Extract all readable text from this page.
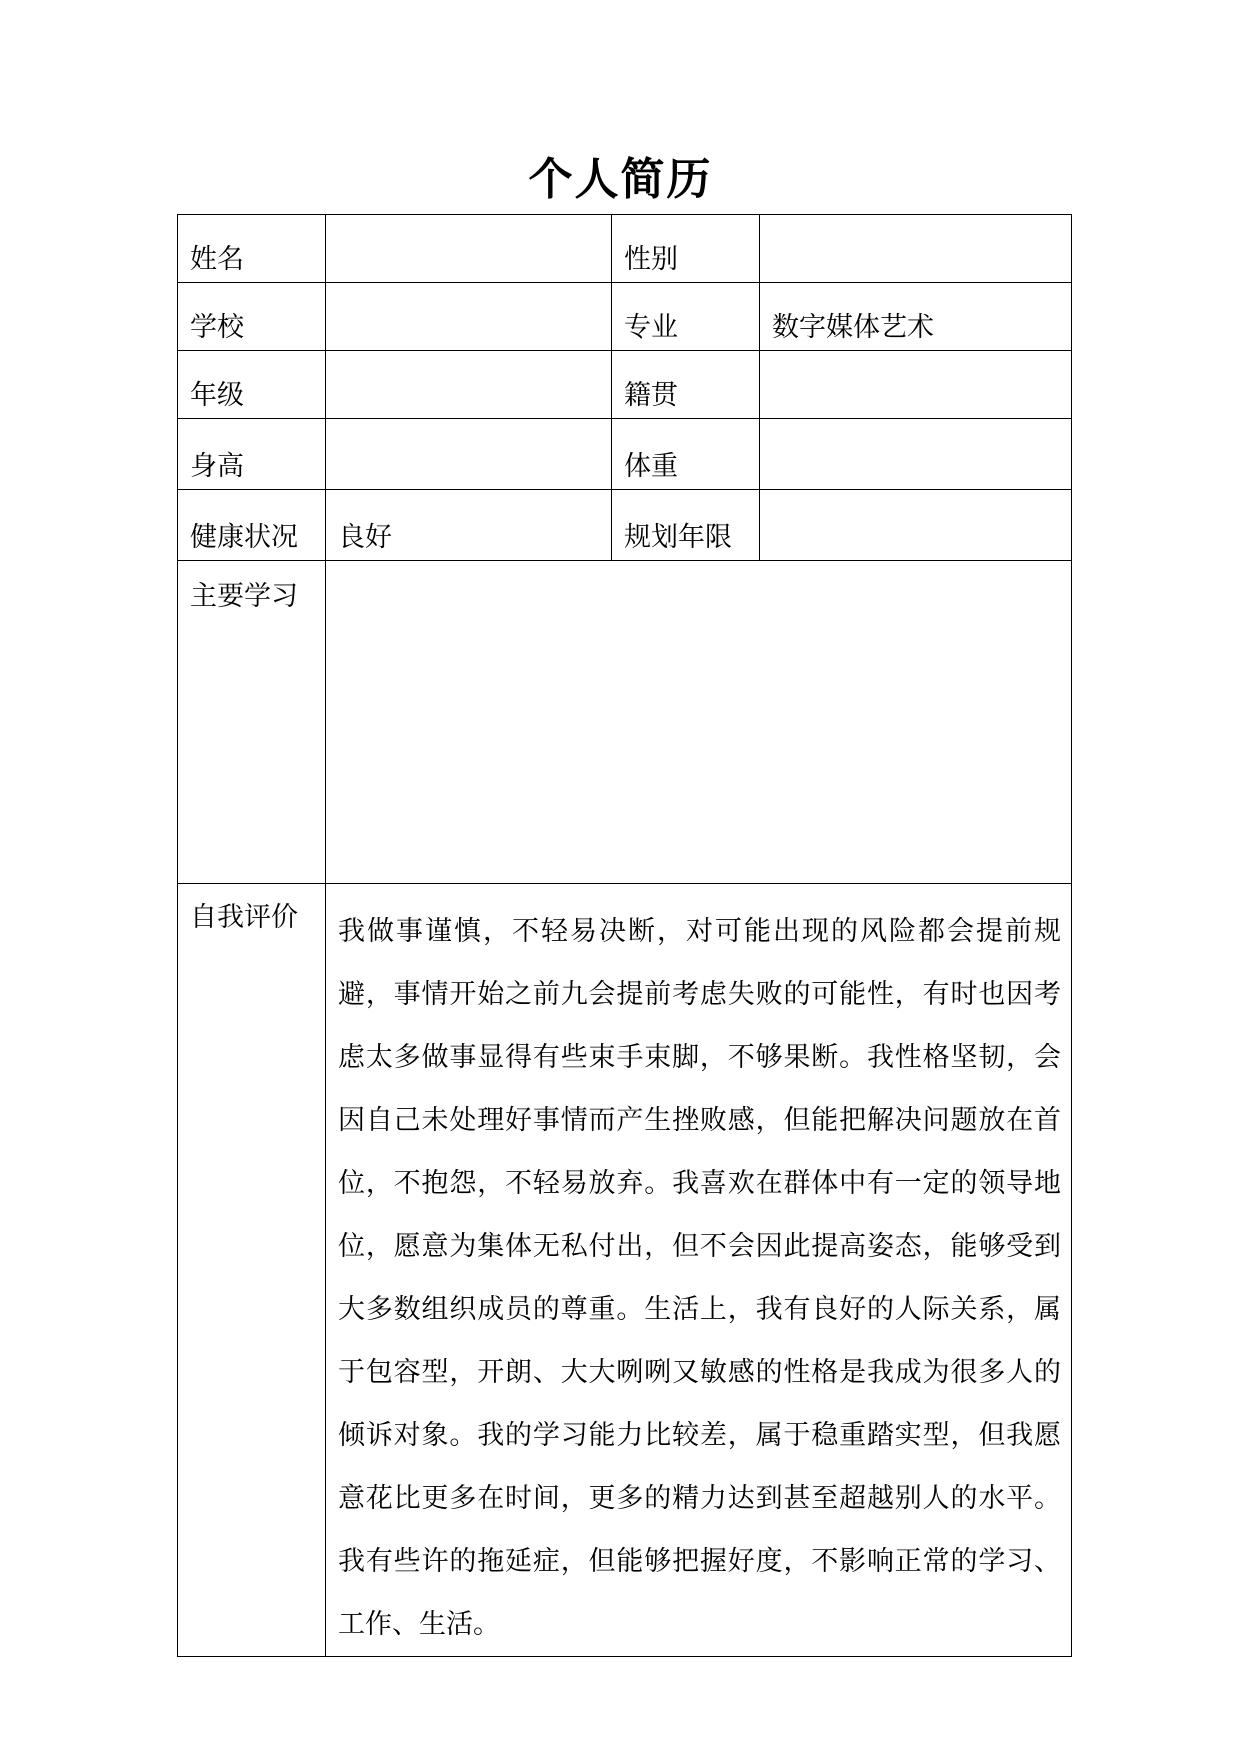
个人简历
姓名		性别	
学校		专业	数字媒体艺术
年级		籍贯	
身高		体重	
健康状况	良好	规划年限	
主要学习			
自我评价	我做事谨慎，不轻易决断，对可能出现的风险都会提前规避，事情开始之前九会提前考虑失败的可能性，有时也因考虑太多做事显得有些束手束脚，不够果断。我性格坚韧，会因自己未处理好事情而产生挫败感，但能把解决问题放在首位，不抱怨，不轻易放弃。我喜欢在群体中有一定的领导地位，愿意为集体无私付出，但不会因此提高姿态，能够受到大多数组织成员的尊重。生活上，我有良好的人际关系，属于包容型，开朗、大大咧咧又敏感的性格是我成为很多人的倾诉对象。我的学习能力比较差，属于稳重踏实型，但我愿意花比更多在时间，更多的精力达到甚至超越别人的水平。我有些许的拖延症，但能够把握好度，不影响正常的学习、工作、生活。		
